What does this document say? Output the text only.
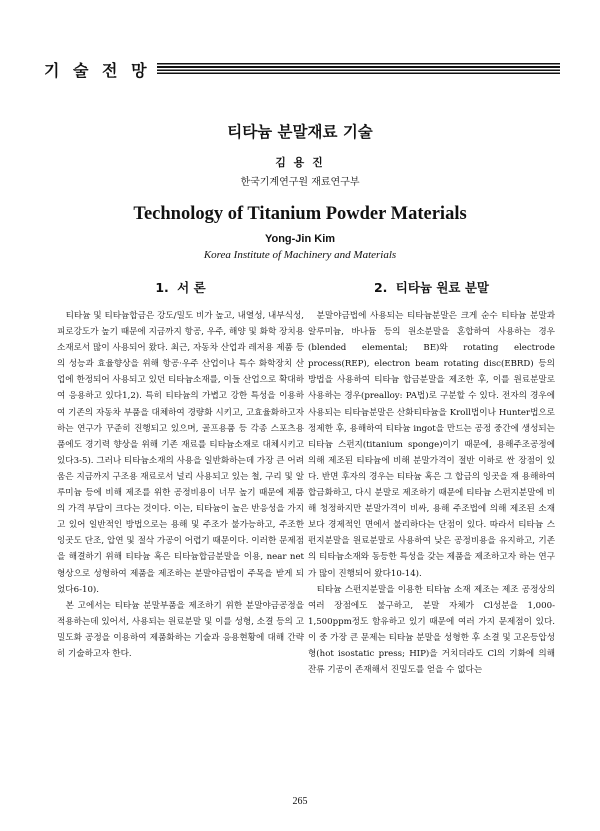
기 술 전 망
티타늄 분말재료 기술
김 용 진
한국기계연구원 재료연구부
Technology of Titanium Powder Materials
Yong-Jin Kim
Korea Institute of Machinery and Materials
1. 서 론

티타늄 및 티타늄합금은 강도/밀도 비가 높고, 내열성, 내부식성, 피로강도가 높기 때문에 지금까지 항공, 우주, 해양 및 화학 장치용 소재로서 많이 사용되어 왔다. 최근, 자동차 산업과 레저용 제품 등의 성능과 효율향상을 위해 항공·우주 산업이나 특수 화학장치 산업에 한정되어 사용되고 있던 티타늄소재를, 이들 산업으로 확대하여 응용하고 있다1,2). 특히 티타늄의 가볍고 강한 특성을 이용하여 기존의 자동차 부품을 대체하여 경량화 시키고, 고효율화하고자 하는 연구가 꾸준히 진행되고 있으며, 골프용품 등 각종 스포츠용품에도 경기력 향상을 위해 기존 재료를 티타늄소재로 대체시키고 있다3-5). 그러나 티타늄소재의 사용을 일반화하는데 가장 큰 어려움은 지금까지 구조용 재료로서 널리 사용되고 있는 철, 구리 및 알루미늄 등에 비해 제조를 위한 공정비용이 너무 높기 때문에 제품의 가격 부담이 크다는 것이다. 이는, 티타늄이 높은 반응성을 가지고 있어 일반적인 방법으로는 용해 및 주조가 불가능하고, 주조한 잉곳도 단조, 압연 및 절삭 가공이 어렵기 때문이다. 이러한 문제점을 해결하기 위해 티타늄 혹은 티타늄합금분말을 이용, near net 형상으로 성형하여 제품을 제조하는 분말야금법이 주목을 받게 되었다6-10).

본 고에서는 티타늄 분말부품을 제조하기 위한 분말야금공정을 적용하는데 있어서, 사용되는 원료분말 및 이를 성형, 소결 등의 고밀도화 공정을 이용하여 제품화하는 기술과 응용현황에 대해 간략히 기술하고자 한다.

2. 티타늄 원료 분말

분말야금법에 사용되는 티타늄분말은 크게 순수 티타늄 분말과 알루미늄, 바나듐 등의 원소분말을 혼합하여 사용하는 경우(blended elemental; BE)와 rotating electrode process(REP), electron beam rotating disc(EBRD) 등의 방법을 사용하여 티타늄 합금분말을 제조한 후, 이를 원료분말로 사용하는 경우(prealloy: PA법)로 구분할 수 있다. 전자의 경우에 사용되는 티타늄분말은 산화티타늄을 Kroll법이나 Hunter법으로 정제한 후, 용해하여 티타늄 ingot을 만드는 공정 중간에 생성되는 티타늄 스펀지(titanium sponge)이기 때문에, 용해주조공정에 의해 제조된 티타늄에 비해 분말가격이 절반 이하로 싼 장점이 있다. 반면 후자의 경우는 티타늄 혹은 그 합금의 잉곳을 재 용해하여 합금화하고, 다시 분말로 제조하기 때문에 티타늄 스펀지분말에 비해 청정하지만 분말가격이 비싸, 용해 주조법에 의해 제조된 소재보다 경제적인 면에서 불리하다는 단점이 있다. 따라서 티타늄 스펀지분말을 원료분말로 사용하여 낮은 공정비용을 유지하고, 기존의 티타늄소재와 동등한 특성을 갖는 제품을 제조하고자 하는 연구가 많이 진행되어 왔다10-14).

티타늄 스펀지분말을 이용한 티타늄 소재 제조는 제조 공정상의 여러 장점에도 불구하고, 분말 자체가 Cl성분을 1,000-1,500ppm정도 함유하고 있기 때문에 여러 가지 문제점이 있다. 이 중 가장 큰 문제는 티타늄 분말을 성형한 후 소결 및 고온등압성형(hot isostatic press; HIP)을 거치더라도 Cl의 기화에 의해 잔류 기공이 존재해서 진밀도를 얻을 수 없다는

265
